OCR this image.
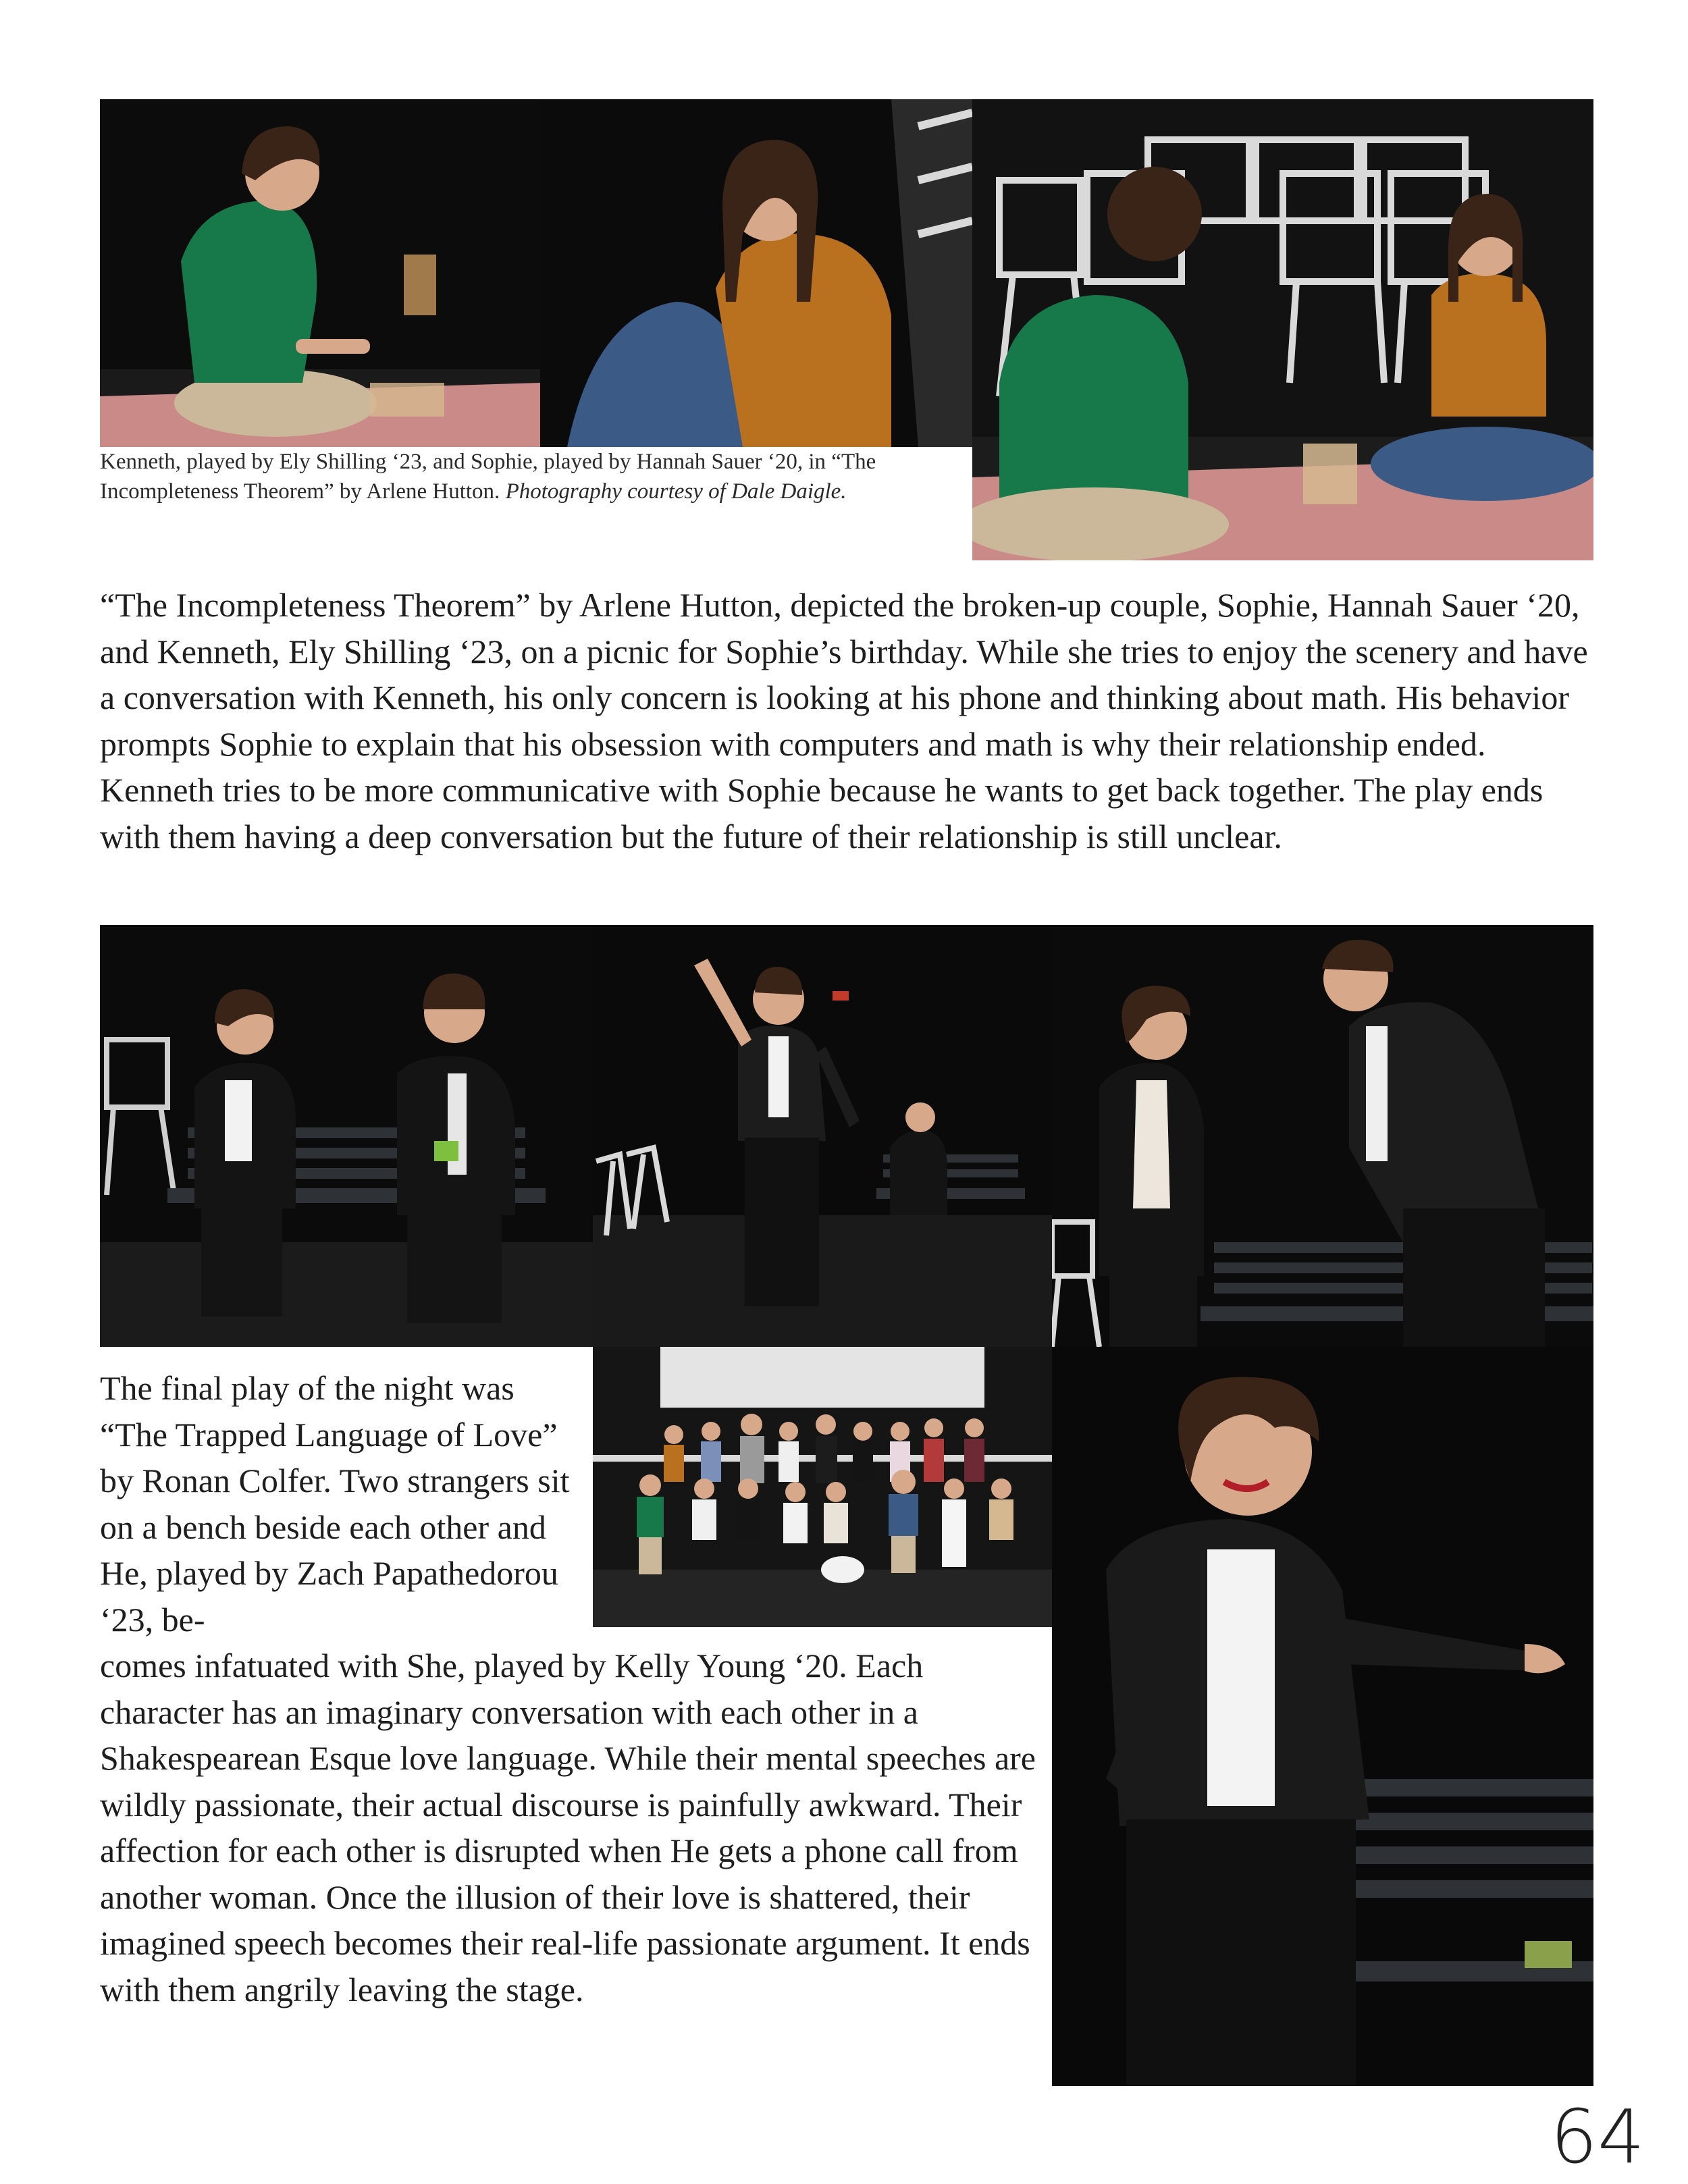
Kenneth, played by Ely Shilling ‘23, and Sophie, played by Hannah Sauer ‘20, in “The Incompleteness Theorem” by Arlene Hutton. Photography courtesy of Dale Daigle.

“The Incompleteness Theorem” by Arlene Hutton, depicted the broken-up couple, Sophie, Hannah Sauer ‘20, and Kenneth, Ely Shilling ‘23, on a picnic for Sophie’s birthday. While she tries to enjoy the scenery and have a conversation with Kenneth, his only concern is looking at his phone and thinking about math. His behavior prompts Sophie to explain that his obsession with computers and math is why their relationship ended. Kenneth tries to be more communicative with Sophie because he wants to get back together. The play ends with them having a deep conversation but the future of their relationship is still unclear.

The final play of the night was “The Trapped Language of Love” by Ronan Colfer. Two strangers sit on a bench beside each other and He, played by Zach Papathedorou ‘23, be-

comes infatuated with She, played by Kelly Young ‘20. Each character has an imaginary conversation with each other in a Shakespearean Esque love language. While their mental speeches are wildly passionate, their actual discourse is painfully awkward. Their affection for each other is disrupted when He gets a phone call from another woman. Once the illusion of their love is shattered, their imagined speech becomes their real-life passionate argument. It ends with them angrily leaving the stage.

64
